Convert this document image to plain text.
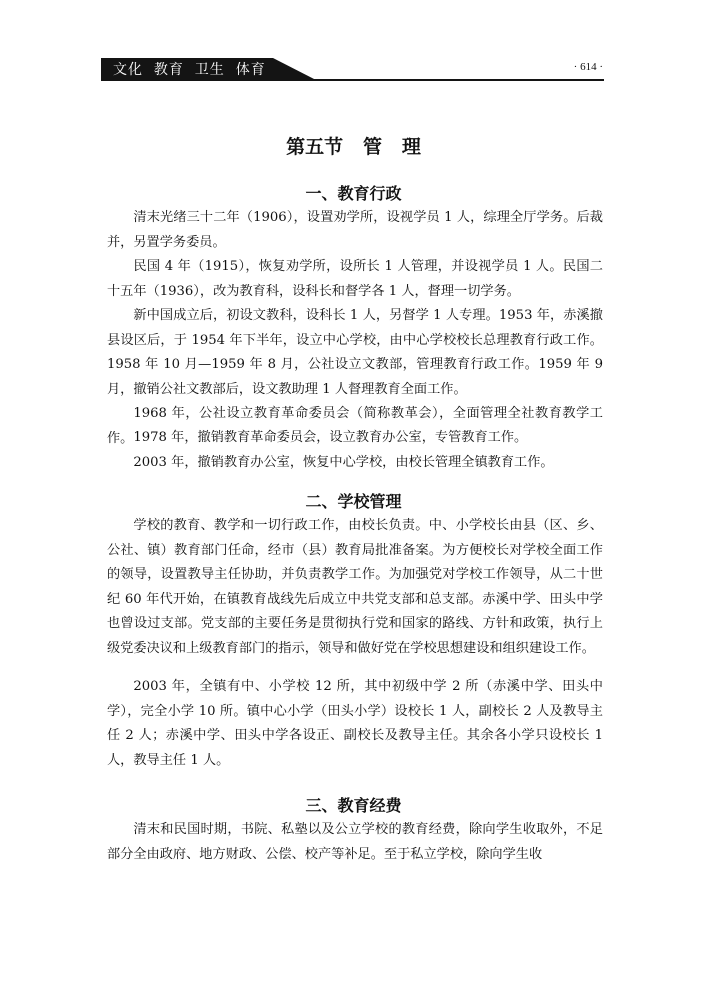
文化  教育  卫生  体育	· 614 ·
第五节   管   理
一、教育行政

清末光绪三十二年（1906），设置劝学所，设视学员 1 人，综理全厅学务。后裁并，另置学务委员。

民国 4 年（1915），恢复劝学所，设所长 1 人管理，并设视学员 1 人。民国二十五年（1936），改为教育科，设科长和督学各 1 人，督理一切学务。

新中国成立后，初设文教科，设科长 1 人，另督学 1 人专理。1953 年，赤溪撤县设区后，于 1954 年下半年，设立中心学校，由中心学校校长总理教育行政工作。1958 年 10 月—1959 年 8 月，公社设立文教部，管理教育行政工作。1959 年 9 月，撤销公社文教部后，设文教助理 1 人督理教育全面工作。

1968 年，公社设立教育革命委员会（简称教革会），全面管理全社教育教学工作。 1978 年，撤销教育革命委员会，设立教育办公室，专管教育工作。

2003 年，撤销教育办公室，恢复中心学校，由校长管理全镇教育工作。

二、学校管理

学校的教育、教学和一切行政工作，由校长负责。中、小学校长由县（区、乡、公社、镇）教育部门任命，经市（县）教育局批准备案。为方便校长对学校全面工作的领导，设置教导主任协助，并负责教学工作。为加强党对学校工作领导，从二十世纪 60 年代开始，在镇教育战线先后成立中共党支部和总支部。赤溪中学、田头中学也曾设过支部。党支部的主要任务是贯彻执行党和国家的路线、方针和政策，执行上级党委决议和上级教育部门的指示，领导和做好党在学校思想建设和组织建设工作。

2003 年，全镇有中、小学校 12 所，其中初级中学 2 所（赤溪中学、田头中学），完全小学 10 所。镇中心小学（田头小学）设校长 1 人，副校长 2 人及教导主任 2 人；赤溪中学、田头中学各设正、副校长及教导主任。其余各小学只设校长 1 人，教导主任 1 人。

三、教育经费

清末和民国时期，书院、私塾以及公立学校的教育经费，除向学生收取外，不足部分全由政府、地方财政、公偿、校产等补足。至于私立学校，除向学生收
